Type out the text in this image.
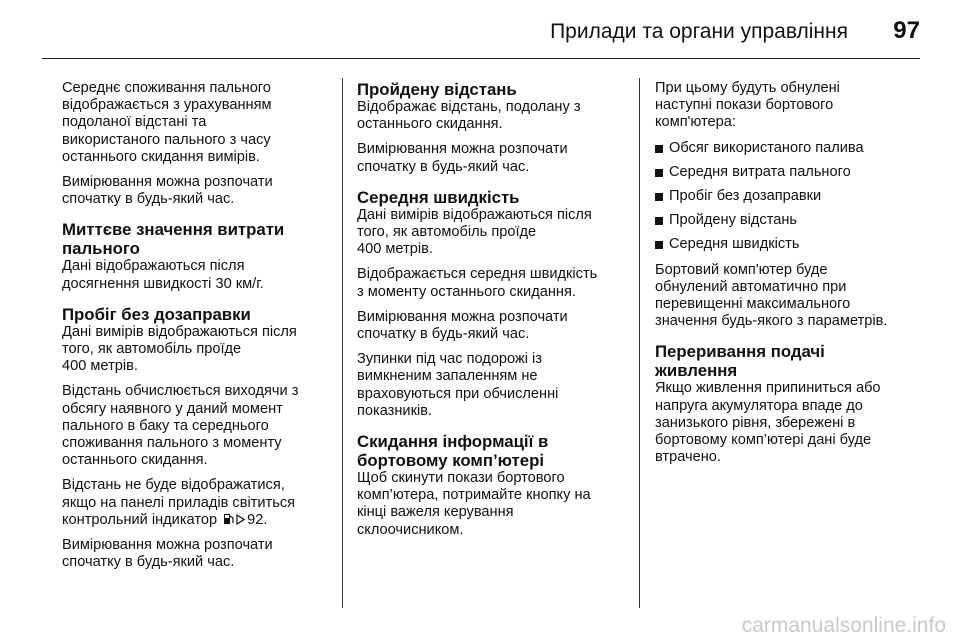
Прилади та органи управління 97

Середнє споживання пального
відображається з урахуванням
подоланої відстані та
використаного пального з часу
останнього скидання вимірів.

Вимірювання можна розпочати
спочатку в будь-який час.

Миттєве значення витрати
пального

Дані відображаються після
досягнення швидкості 30 км/г.

Пробіг без дозаправки

Дані вимірів відображаються після
того, як автомобіль проїде
400 метрів.

Відстань обчислюється виходячи з
обсягу наявного у даний момент
пального в баку та середнього
споживання пального з моменту
останнього скидання.

Відстань не буде відображатися,
якщо на панелі приладів світиться
контрольний індикатор 92.

Вимірювання можна розпочати
спочатку в будь-який час.

Пройдену відстань

Відображає відстань, подолану з
останнього скидання.

Вимірювання можна розпочати
спочатку в будь-який час.

Середня швидкість

Дані вимірів відображаються після
того, як автомобіль проїде
400 метрів.

Відображається середня швидкість
з моменту останнього скидання.

Вимірювання можна розпочати
спочатку в будь-який час.

Зупинки під час подорожі із
вимкненим запаленням не
враховуються при обчисленні
показників.

Скидання інформації в
бортовому комп’ютері

Щоб скинути покази бортового
комп’ютера, потримайте кнопку на
кінці важеля керування
склоочисником.

При цьому будуть обнулені
наступні покази бортового
комп'ютера:

Обсяг використаного палива
Середня витрата пального
Пробіг без дозаправки
Пройдену відстань
Середня швидкість

Бортовий комп'ютер буде
обнулений автоматично при
перевищенні максимального
значення будь-якого з параметрів.

Переривання подачі
живлення

Якщо живлення припиниться або
напруга акумулятора впаде до
занизького рівня, збережені в
бортовому комп’ютері дані буде
втрачено.

carmanualsonline.info
